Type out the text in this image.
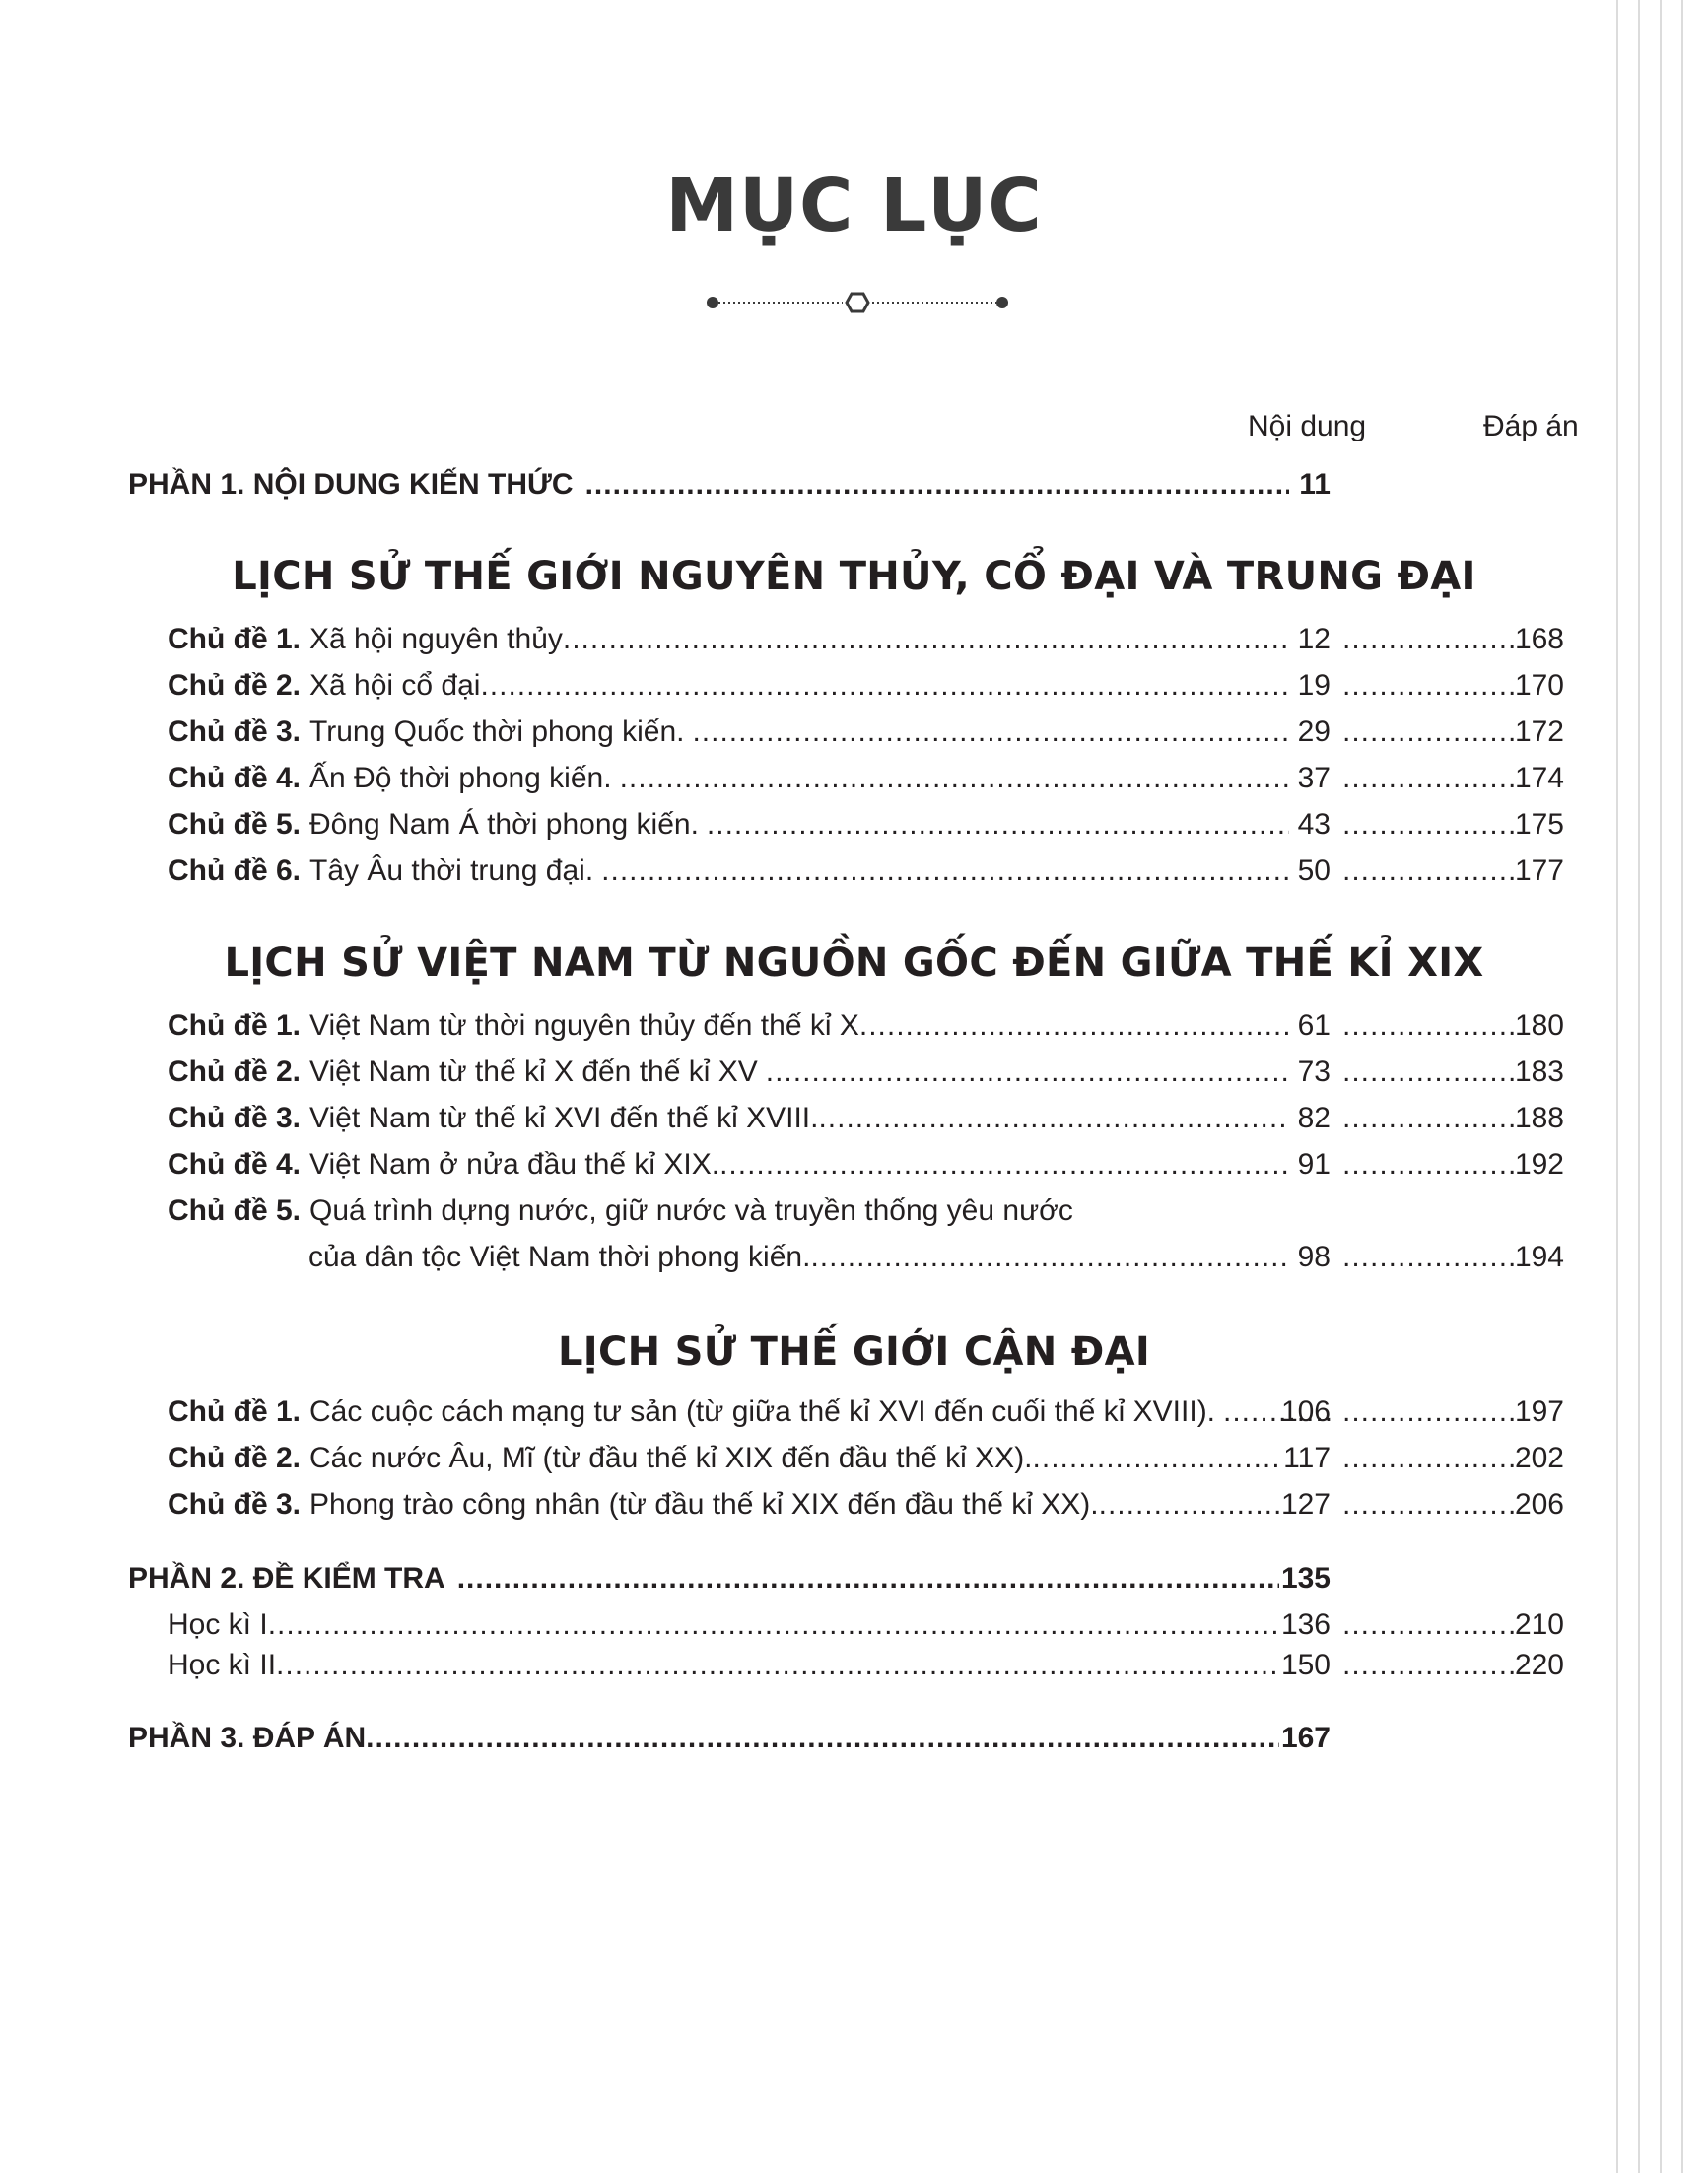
MỤC LỤC
Nội dung	Đáp án
PHẦN 1. NỘI DUNG KIẾN THỨC .....	11
LỊCH SỬ THẾ GIỚI NGUYÊN THỦY, CỔ ĐẠI VÀ TRUNG ĐẠI
Chủ đề 1. Xã hội nguyên thủy .....	12 .....	168
Chủ đề 2. Xã hội cổ đại .....	19 .....	170
Chủ đề 3. Trung Quốc thời phong kiến. .....	29 .....	172
Chủ đề 4. Ấn Độ thời phong kiến. .....	37 .....	174
Chủ đề 5. Đông Nam Á thời phong kiến. .....	43 .....	175
Chủ đề 6. Tây Âu thời trung đại. .....	50 .....	177
LỊCH SỬ VIỆT NAM TỪ NGUỒN GỐC ĐẾN GIỮA THẾ KỈ XIX
Chủ đề 1. Việt Nam từ thời nguyên thủy đến thế kỉ X .....	61 .....	180
Chủ đề 2. Việt Nam từ thế kỉ X đến thế kỉ XV .....	73 .....	183
Chủ đề 3. Việt Nam từ thế kỉ XVI đến thế kỉ XVIII. .....	82 .....	188
Chủ đề 4. Việt Nam ở nửa đầu thế kỉ XIX. .....	91 .....	192
Chủ đề 5. Quá trình dựng nước, giữ nước và truyền thống yêu nước
của dân tộc Việt Nam thời phong kiến. .....	98 .....	194
LỊCH SỬ THẾ GIỚI CẬN ĐẠI
Chủ đề 1. Các cuộc cách mạng tư sản (từ giữa thế kỉ XVI đến cuối thế kỉ XVIII). .....	106 .....	197
Chủ đề 2. Các nước Âu, Mĩ (từ đầu thế kỉ XIX đến đầu thế kỉ XX). .....	117 .....	202
Chủ đề 3. Phong trào công nhân (từ đầu thế kỉ XIX đến đầu thế kỉ XX). .....	127 .....	206
PHẦN 2. ĐỀ KIỂM TRA .....	135
Học kì I .....	136 .....	210
Học kì II .....	150 .....	220
PHẦN 3. ĐÁP ÁN .....	167
